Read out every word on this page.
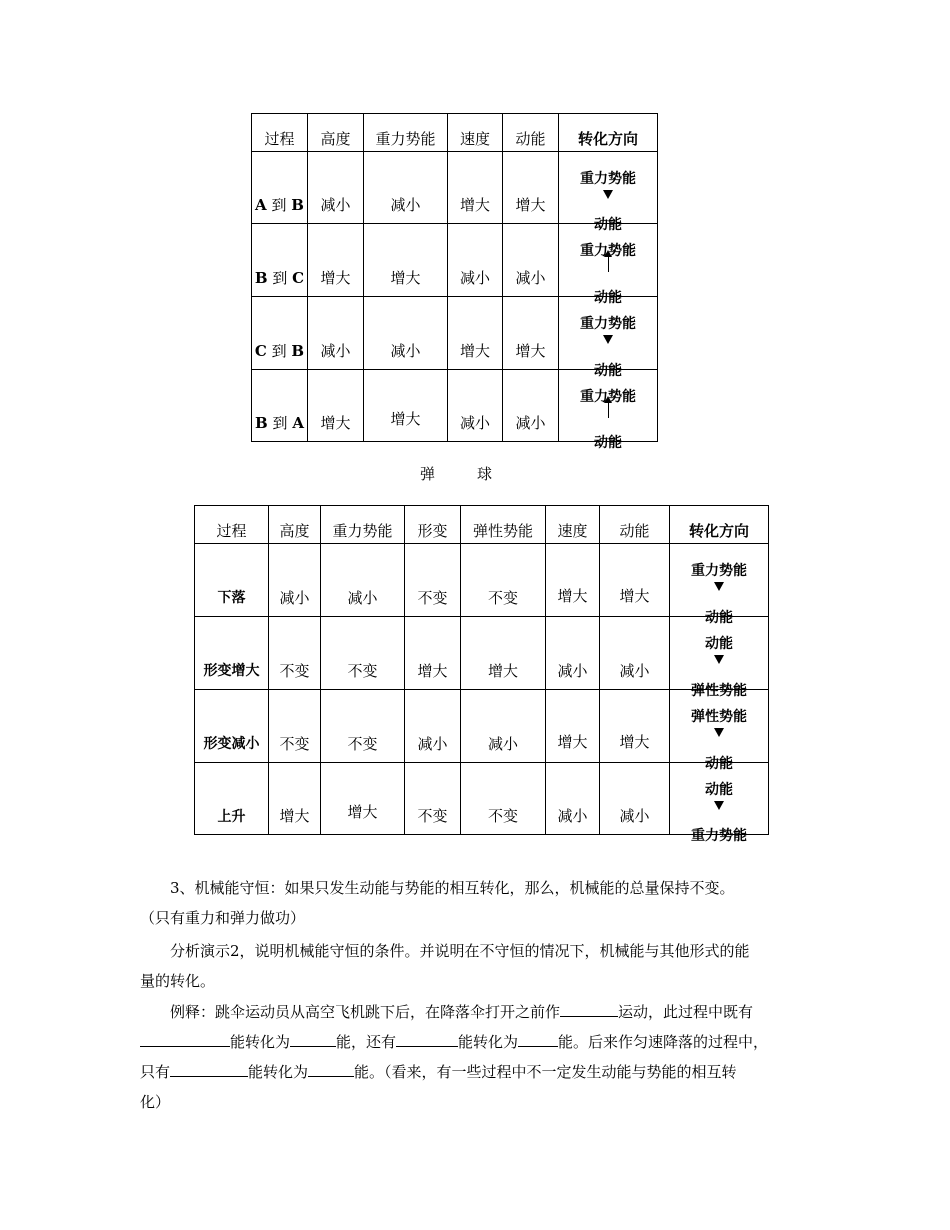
过程	高度	重力势能	速度	动能	转化方向
A 到 B	减小	减小	增大	增大	重力势能
动能

B 到 C	增大	增大	减小	减小	重力势能
动能

C 到 B	减小	减小	增大	增大	重力势能
动能

B 到 A	增大	增大	减小	减小	重力势能
动能
弹	球
过程	高度	重力势能	形变	弹性势能	速度	动能	转化方向
下落	减小	减小	不变	不变	增大	增大	重力势能
动能

形变增大	不变	不变	增大	增大	减小	减小	动能
弹性势能

形变减小	不变	不变	减小	减小	增大	增大	弹性势能
动能

上升	增大	增大	不变	不变	减小	减小	动能
重力势能
3、机械能守恒：如果只发生动能与势能的相互转化，那么，机械能的总量保持不变。
（只有重力和弹力做功）
分析演示2，说明机械能守恒的条件。并说明在不守恒的情况下，机械能与其他形式的能
量的转化。
例释：跳伞运动员从高空飞机跳下后，在降落伞打开之前作	运动，此过程中既有
能转化为	能，还有	能转化为	能。后来作匀速降落的过程中，
只有	能转化为	能。（看来，有一些过程中不一定发生动能与势能的相互转
化）
